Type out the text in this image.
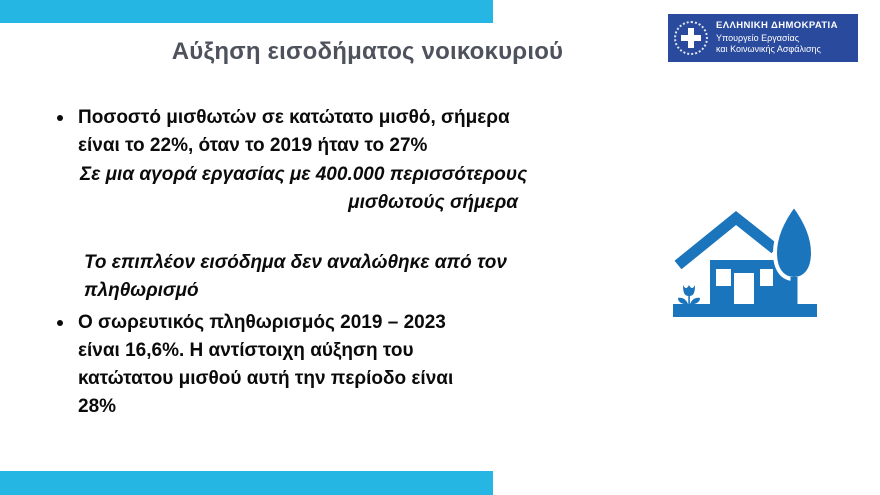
Αύξηση εισοδήματος νοικοκυριού
ΕΛΛΗΝΙΚΗ ΔΗΜΟΚΡΑΤΙΑ
Υπουργείο Εργασίας
και Κοινωνικής Ασφάλισης
Ποσοστό μισθωτών σε κατώτατο μισθό, σήμερα
είναι το 22%, όταν το 2019 ήταν το 27%
Σε μια αγορά εργασίας με 400.000 περισσότερους
μισθωτούς σήμερα
Το επιπλέον εισόδημα δεν αναλώθηκε από τον
πληθωρισμό
Ο σωρευτικός πληθωρισμός 2019 – 2023
είναι 16,6%. Η αντίστοιχη αύξηση του
κατώτατου μισθού αυτή την περίοδο είναι
28%
